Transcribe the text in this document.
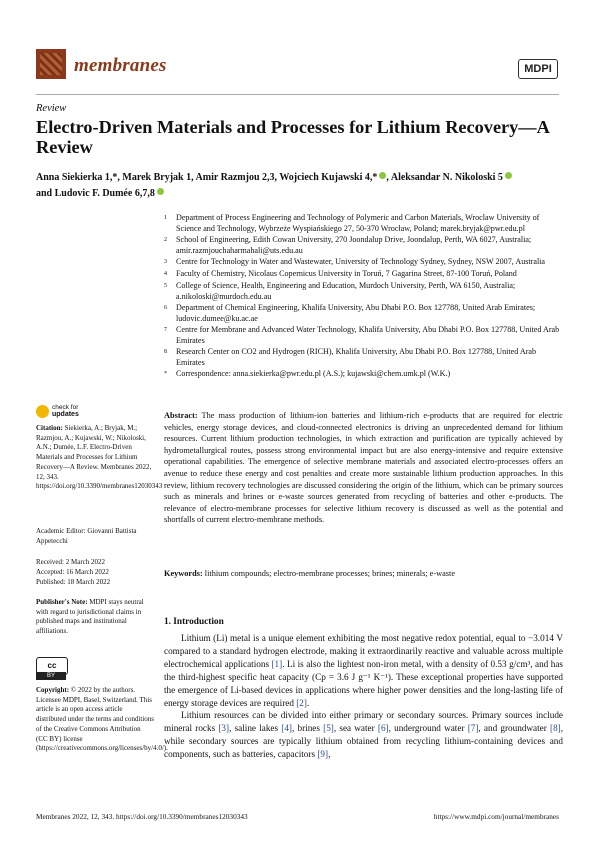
membranes	MDPI
Review
Electro-Driven Materials and Processes for Lithium Recovery—A Review
Anna Siekierka 1,*, Marek Bryjak 1, Amir Razmjou 2,3, Wojciech Kujawski 4,* , Aleksandar N. Nikoloski 5
and Ludovic F. Dumée 6,7,8
1	Department of Process Engineering and Technology of Polymeric and Carbon Materials, Wroclaw University of Science and Technology, Wybrzeże Wyspiańskiego 27, 50-370 Wrocław, Poland; marek.bryjak@pwr.edu.pl
2	School of Engineering, Edith Cowan University, 270 Joondalup Drive, Joondalup, Perth, WA 6027, Australia; amir.razmjouchaharmahali@uts.edu.au
3	Centre for Technology in Water and Wastewater, University of Technology Sydney, Sydney, NSW 2007, Australia
4	Faculty of Chemistry, Nicolaus Copernicus University in Toruń, 7 Gagarina Street, 87-100 Toruń, Poland
5	College of Science, Health, Engineering and Education, Murdoch University, Perth, WA 6150, Australia; a.nikoloski@murdoch.edu.au
6	Department of Chemical Engineering, Khalifa University, Abu Dhabi P.O. Box 127788, United Arab Emirates; ludovic.dumee@ku.ac.ae
7	Centre for Membrane and Advanced Water Technology, Khalifa University, Abu Dhabi P.O. Box 127788, United Arab Emirates
8	Research Center on CO2 and Hydrogen (RICH), Khalifa University, Abu Dhabi P.O. Box 127788, United Arab Emirates
*	Correspondence: anna.siekierka@pwr.edu.pl (A.S.); kujawski@chem.umk.pl (W.K.)
check for
updates
Citation: Siekierka, A.; Bryjak, M.; Razmjou, A.; Kujawski, W.; Nikoloski, A.N.; Dumée, L.F. Electro-Driven Materials and Processes for Lithium Recovery—A Review. Membranes 2022, 12, 343. https://doi.org/10.3390/membranes12030343
Academic Editor: Giovanni Battista Appetecchi
Received: 2 March 2022
Accepted: 16 March 2022
Published: 18 March 2022
Publisher's Note: MDPI stays neutral with regard to jurisdictional claims in published maps and institutional affiliations.
cc
BY
Copyright: © 2022 by the authors. Licensee MDPI, Basel, Switzerland. This article is an open access article distributed under the terms and conditions of the Creative Commons Attribution (CC BY) license (https://creativecommons.org/licenses/by/4.0/).
Abstract: The mass production of lithium-ion batteries and lithium-rich e-products that are required for electric vehicles, energy storage devices, and cloud-connected electronics is driving an unprecedented demand for lithium resources. Current lithium production technologies, in which extraction and purification are typically achieved by hydrometallurgical routes, possess strong environmental impact but are also energy-intensive and require extensive operational capabilities. The emergence of selective membrane materials and associated electro-processes offers an avenue to reduce these energy and cost penalties and create more sustainable lithium production approaches. In this review, lithium recovery technologies are discussed considering the origin of the lithium, which can be primary sources such as minerals and brines or e-waste sources generated from recycling of batteries and other e-products. The relevance of electro-membrane processes for selective lithium recovery is discussed as well as the potential and shortfalls of current electro-membrane methods.
Keywords: lithium compounds; electro-membrane processes; brines; minerals; e-waste
1. Introduction

Lithium (Li) metal is a unique element exhibiting the most negative redox potential, equal to −3.014 V compared to a standard hydrogen electrode, making it extraordinarily reactive and valuable across multiple electrochemical applications [1]. Li is also the lightest non-iron metal, with a density of 0.53 g/cm³, and has the third-highest specific heat capacity (Cp = 3.6 J g⁻¹ K⁻¹). These exceptional properties have supported the emergence of Li-based devices in applications where higher power densities and the long-lasting life of energy storage devices are required [2].

Lithium resources can be divided into either primary or secondary sources. Primary sources include mineral rocks [3], saline lakes [4], brines [5], sea water [6], underground water [7], and groundwater [8], while secondary sources are typically lithium obtained from recycling lithium-containing devices and components, such as batteries, capacitors [9],

Membranes 2022, 12, 343. https://doi.org/10.3390/membranes12030343	https://www.mdpi.com/journal/membranes
